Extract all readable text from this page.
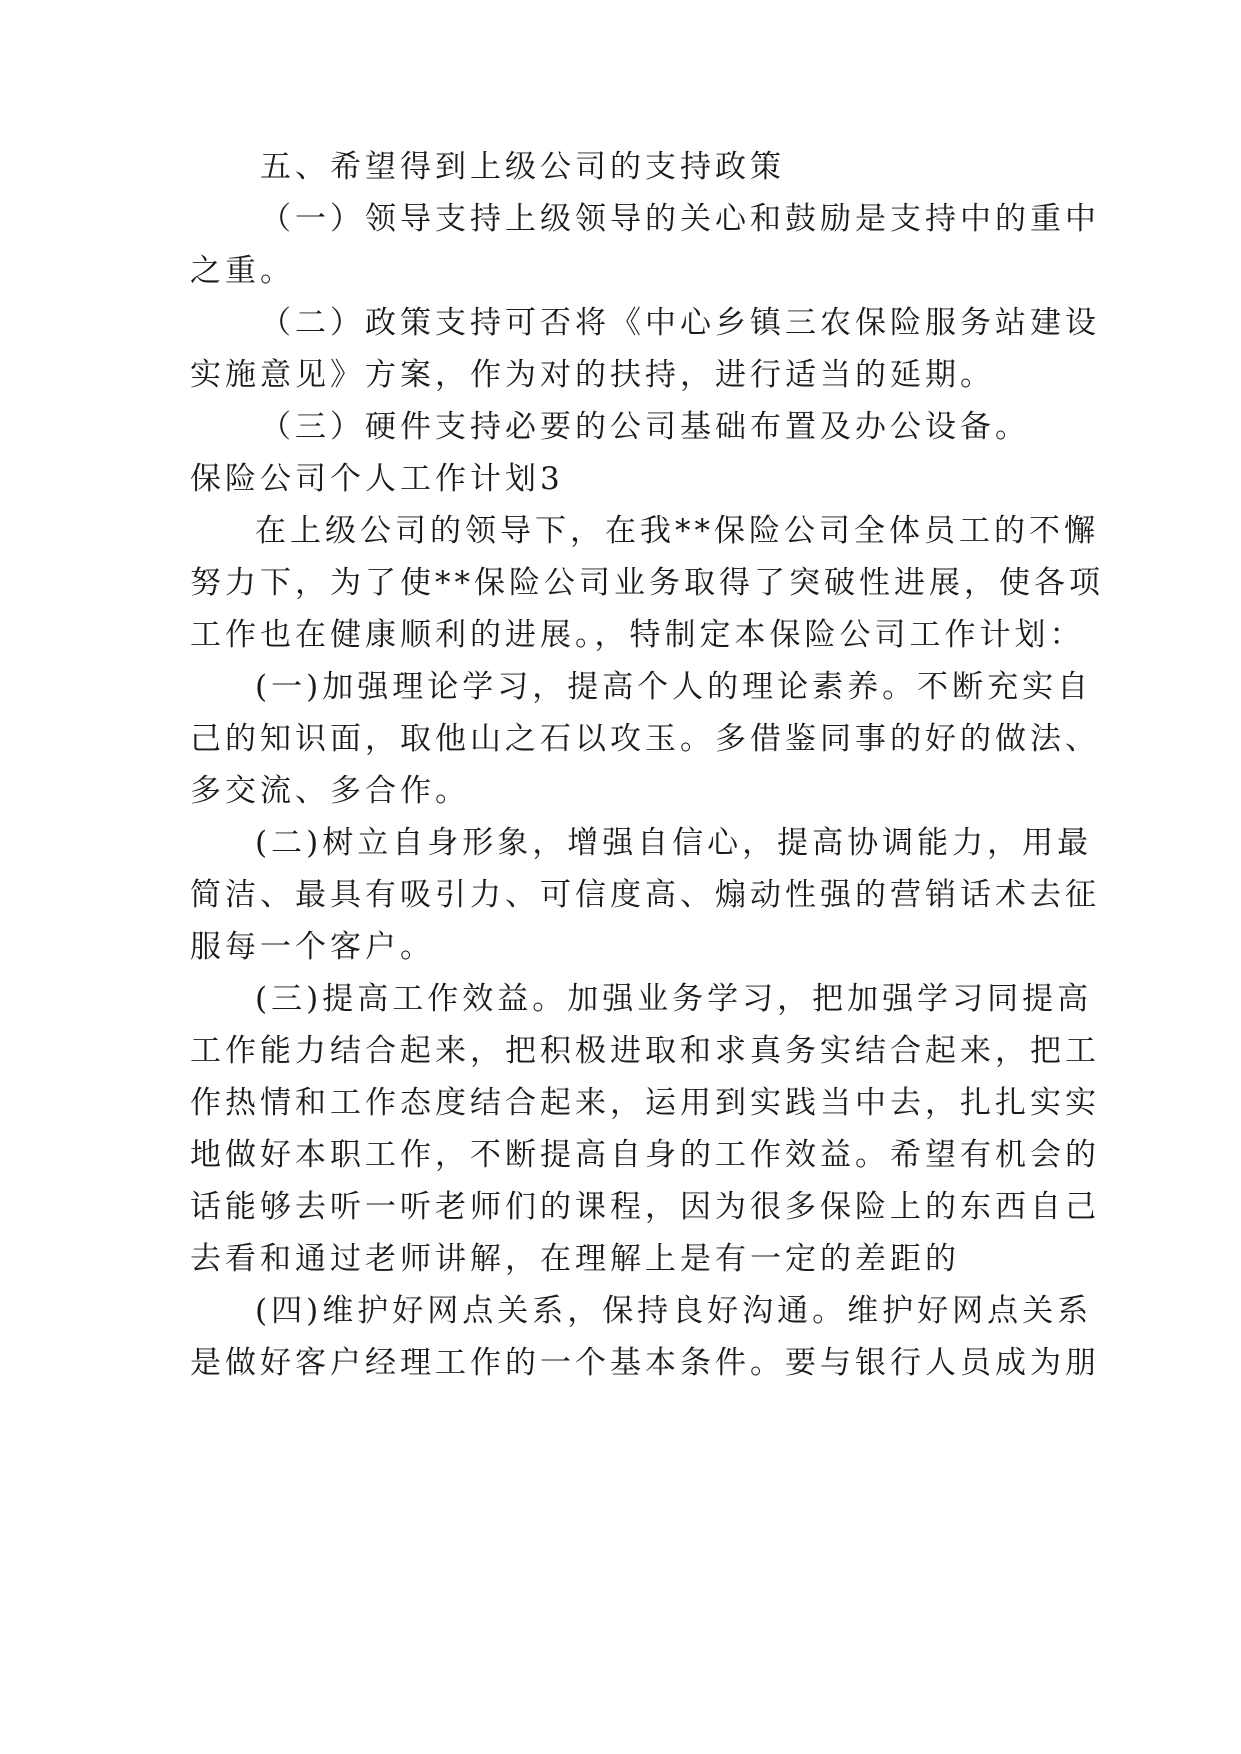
五、希望得到上级公司的支持政策
（一）领导支持上级领导的关心和鼓励是支持中的重中
之重。
（二）政策支持可否将《中心乡镇三农保险服务站建设
实施意见》方案，作为对的扶持，进行适当的延期。
（三）硬件支持必要的公司基础布置及办公设备。
保险公司个人工作计划3
在上级公司的领导下，在我**保险公司全体员工的不懈
努力下，为了使**保险公司业务取得了突破性进展，使各项
工作也在健康顺利的进展。，特制定本保险公司工作计划：
(一)加强理论学习，提高个人的理论素养。不断充实自
己的知识面，取他山之石以攻玉。多借鉴同事的好的做法、
多交流、多合作。
(二)树立自身形象，增强自信心，提高协调能力，用最
简洁、最具有吸引力、可信度高、煽动性强的营销话术去征
服每一个客户。
(三)提高工作效益。加强业务学习，把加强学习同提高
工作能力结合起来，把积极进取和求真务实结合起来，把工
作热情和工作态度结合起来，运用到实践当中去，扎扎实实
地做好本职工作，不断提高自身的工作效益。希望有机会的
话能够去听一听老师们的课程，因为很多保险上的东西自己
去看和通过老师讲解，在理解上是有一定的差距的
(四)维护好网点关系，保持良好沟通。维护好网点关系
是做好客户经理工作的一个基本条件。要与银行人员成为朋
